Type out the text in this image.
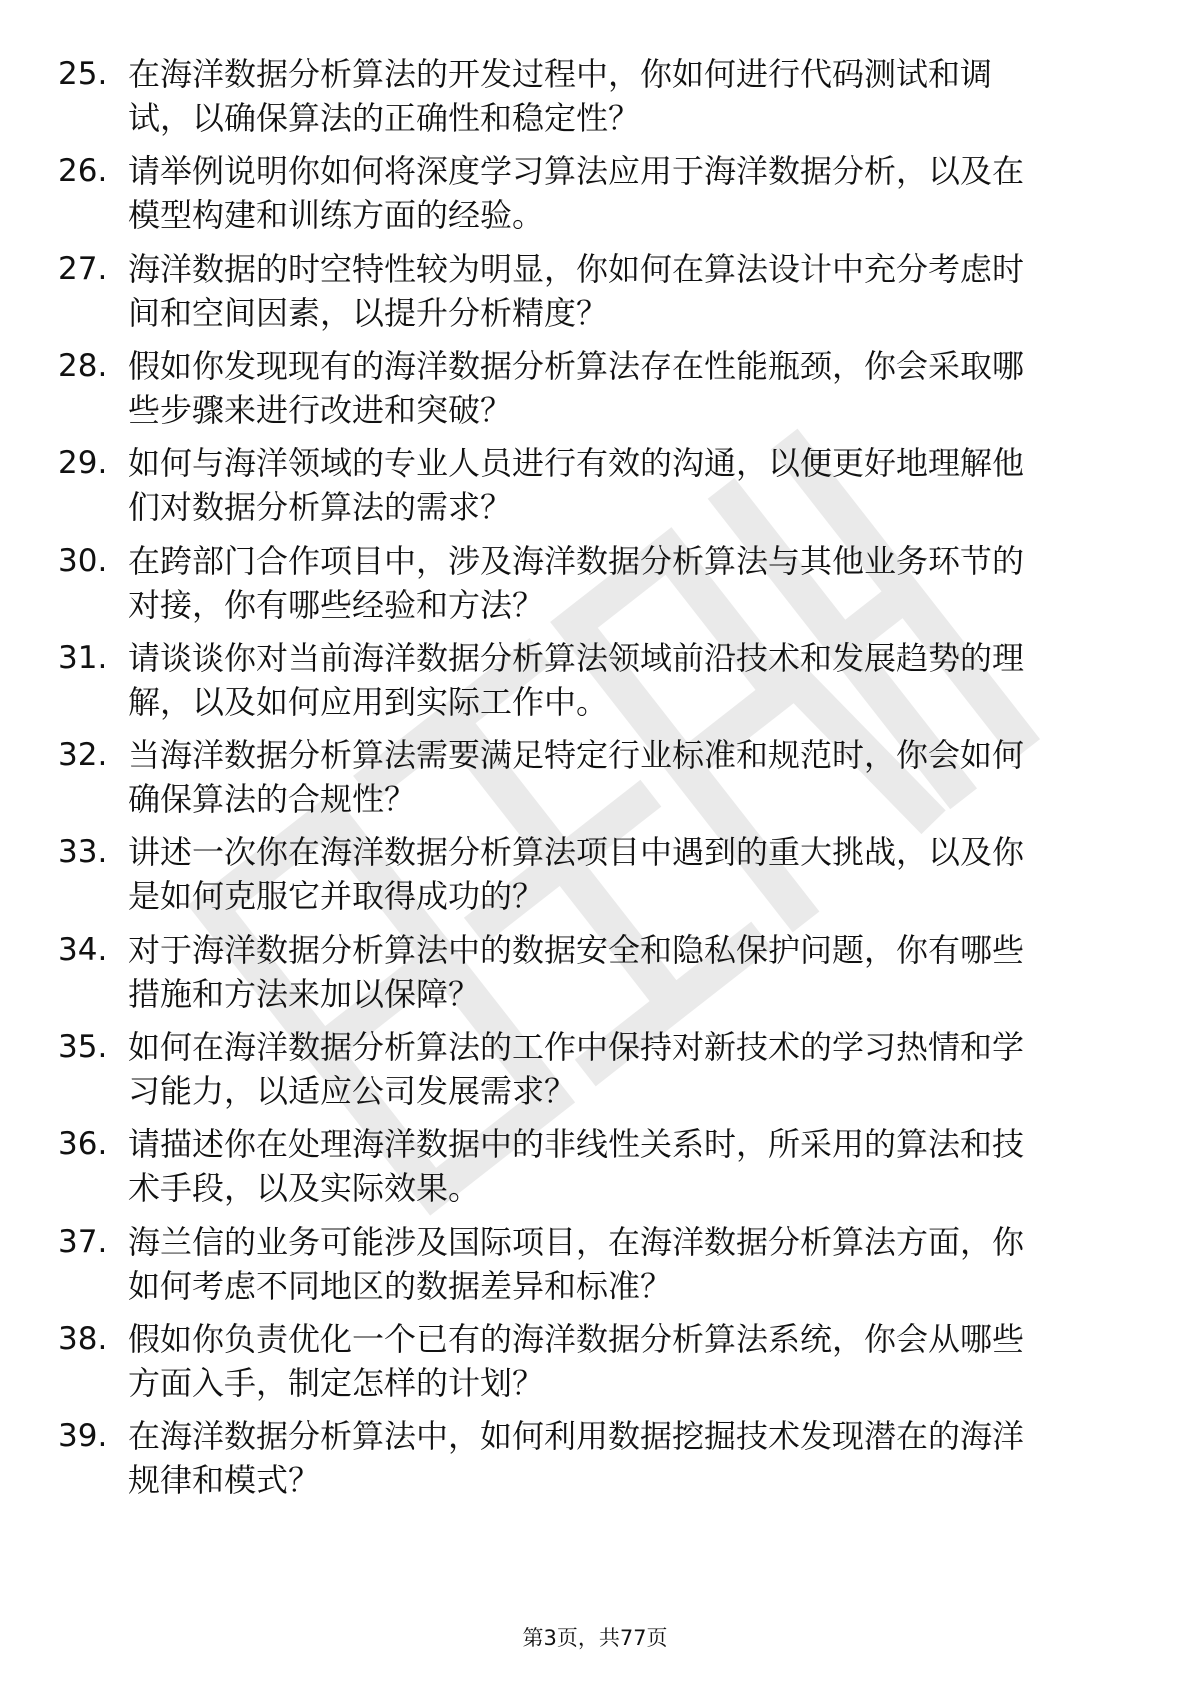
25. 在海洋数据分析算法的开发过程中，你如何进行代码测试和调
试，以确保算法的正确性和稳定性？
26. 请举例说明你如何将深度学习算法应用于海洋数据分析，以及在
模型构建和训练方面的经验。
27. 海洋数据的时空特性较为明显，你如何在算法设计中充分考虑时
间和空间因素，以提升分析精度？
28. 假如你发现现有的海洋数据分析算法存在性能瓶颈，你会采取哪
些步骤来进行改进和突破？
29. 如何与海洋领域的专业人员进行有效的沟通，以便更好地理解他
们对数据分析算法的需求？
30. 在跨部门合作项目中，涉及海洋数据分析算法与其他业务环节的
对接，你有哪些经验和方法？
31. 请谈谈你对当前海洋数据分析算法领域前沿技术和发展趋势的理
解，以及如何应用到实际工作中。
32. 当海洋数据分析算法需要满足特定行业标准和规范时，你会如何
确保算法的合规性？
33. 讲述一次你在海洋数据分析算法项目中遇到的重大挑战，以及你
是如何克服它并取得成功的？
34. 对于海洋数据分析算法中的数据安全和隐私保护问题，你有哪些
措施和方法来加以保障？
35. 如何在海洋数据分析算法的工作中保持对新技术的学习热情和学
习能力，以适应公司发展需求？
36. 请描述你在处理海洋数据中的非线性关系时，所采用的算法和技
术手段，以及实际效果。
37. 海兰信的业务可能涉及国际项目，在海洋数据分析算法方面，你
如何考虑不同地区的数据差异和标准？
38. 假如你负责优化一个已有的海洋数据分析算法系统，你会从哪些
方面入手，制定怎样的计划？
39. 在海洋数据分析算法中，如何利用数据挖掘技术发现潜在的海洋
规律和模式？
第3页，共77页
